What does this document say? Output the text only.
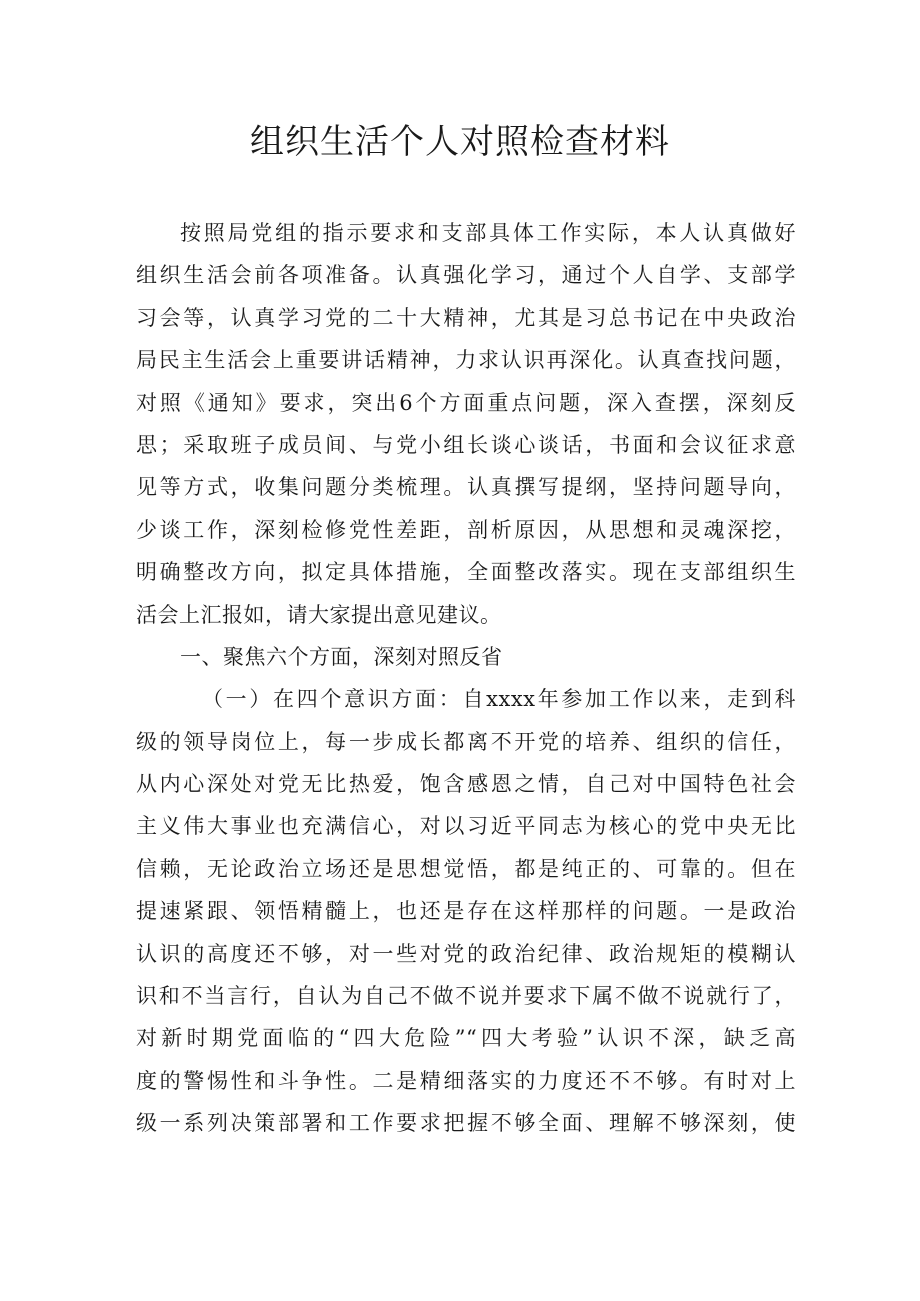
组织生活个人对照检查材料
按照局党组的指示要求和支部具体工作实际，本人认真做好
组织生活会前各项准备。认真强化学习，通过个人自学、支部学
习会等，认真学习党的二十大精神，尤其是习总书记在中央政治
局民主生活会上重要讲话精神，力求认识再深化。认真查找问题，
对照《通知》要求，突出6个方面重点问题，深入查摆，深刻反
思；采取班子成员间、与党小组长谈心谈话，书面和会议征求意
见等方式，收集问题分类梳理。认真撰写提纲，坚持问题导向，
少谈工作，深刻检修党性差距，剖析原因，从思想和灵魂深挖，
明确整改方向，拟定具体措施，全面整改落实。现在支部组织生
活会上汇报如，请大家提出意见建议。
一、聚焦六个方面，深刻对照反省
（一）在四个意识方面：自xxxx年参加工作以来，走到科
级的领导岗位上，每一步成长都离不开党的培养、组织的信任，
从内心深处对党无比热爱，饱含感恩之情，自己对中国特色社会
主义伟大事业也充满信心，对以习近平同志为核心的党中央无比
信赖，无论政治立场还是思想觉悟，都是纯正的、可靠的。但在
提速紧跟、领悟精髓上，也还是存在这样那样的问题。一是政治
认识的高度还不够，对一些对党的政治纪律、政治规矩的模糊认
识和不当言行，自认为自己不做不说并要求下属不做不说就行了，
对新时期党面临的“四大危险”“四大考验”认识不深，缺乏高
度的警惕性和斗争性。二是精细落实的力度还不不够。有时对上
级一系列决策部署和工作要求把握不够全面、理解不够深刻，使
